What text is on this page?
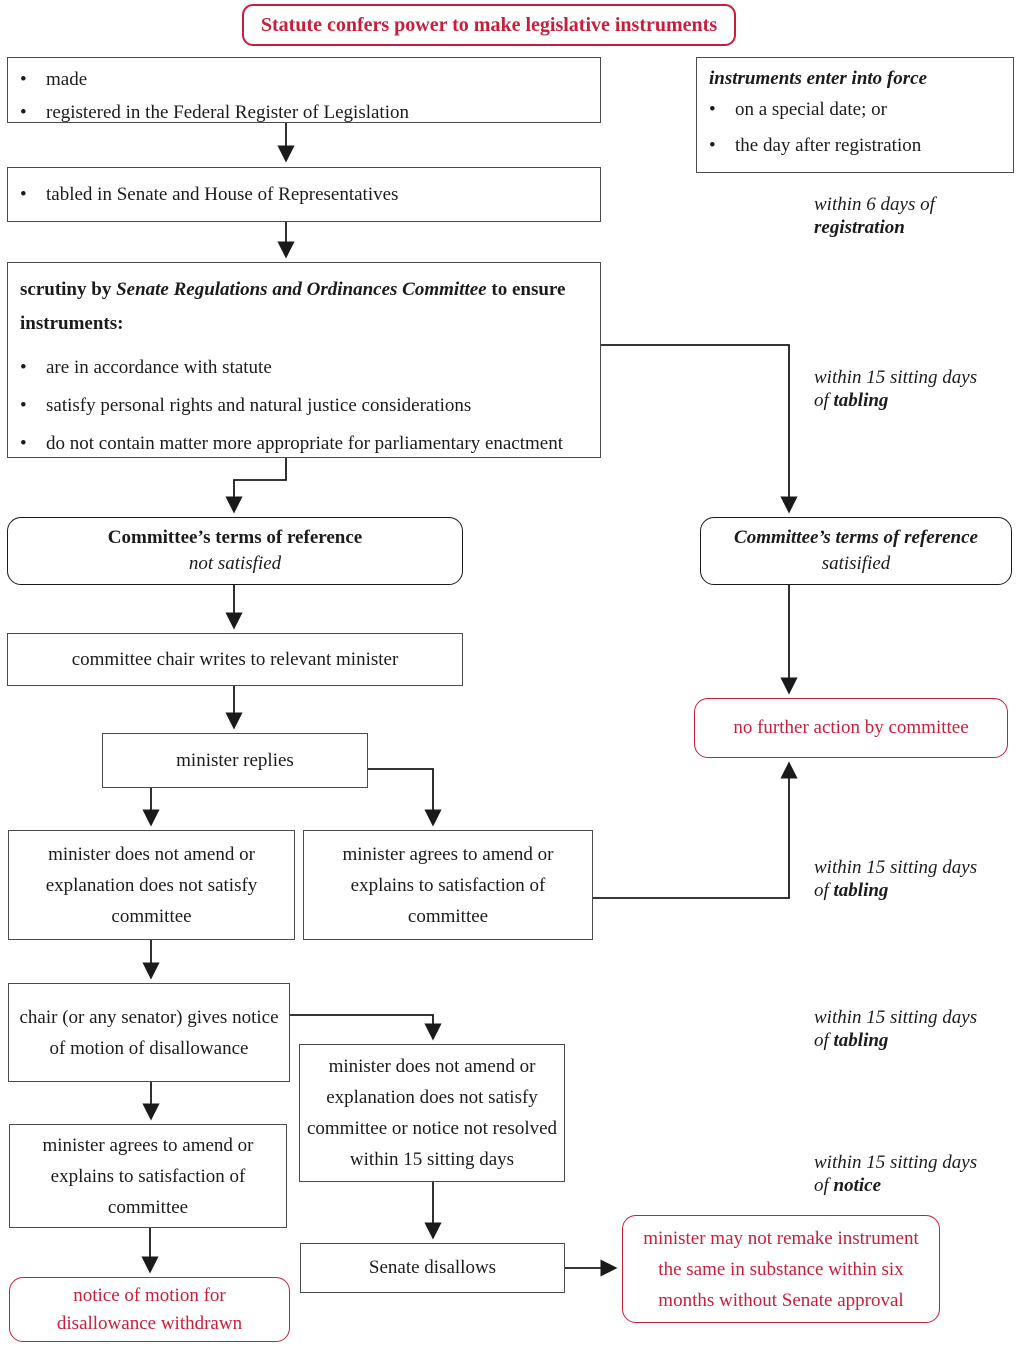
Statute confers power to make legislative instruments
• made
• registered in the Federal Register of Legislation
instruments enter into force
• on a special date; or
• the day after registration
within 6 days of
registration
• tabled in Senate and House of Representatives
scrutiny by Senate Regulations and Ordinances Committee to ensure instruments:
• are in accordance with statute
• satisfy personal rights and natural justice considerations
• do not contain matter more appropriate for parliamentary enactment
within 15 sitting days
of tabling
Committee’s terms of reference
not satisfied
Committee’s terms of reference
satisified
committee chair writes to relevant minister
no further action by committee
minister replies
minister does not amend or explanation does not satisfy committee
minister agrees to amend or explains to satisfaction of committee
within 15 sitting days
of tabling
chair (or any senator) gives notice of motion of disallowance
within 15 sitting days
of tabling
minister does not amend or explanation does not satisfy committee or notice not resolved within 15 sitting days
minister agrees to amend or explains to satisfaction of committee
within 15 sitting days
of notice
Senate disallows
minister may not remake instrument the same in substance within six months without Senate approval
notice of motion for disallowance withdrawn
